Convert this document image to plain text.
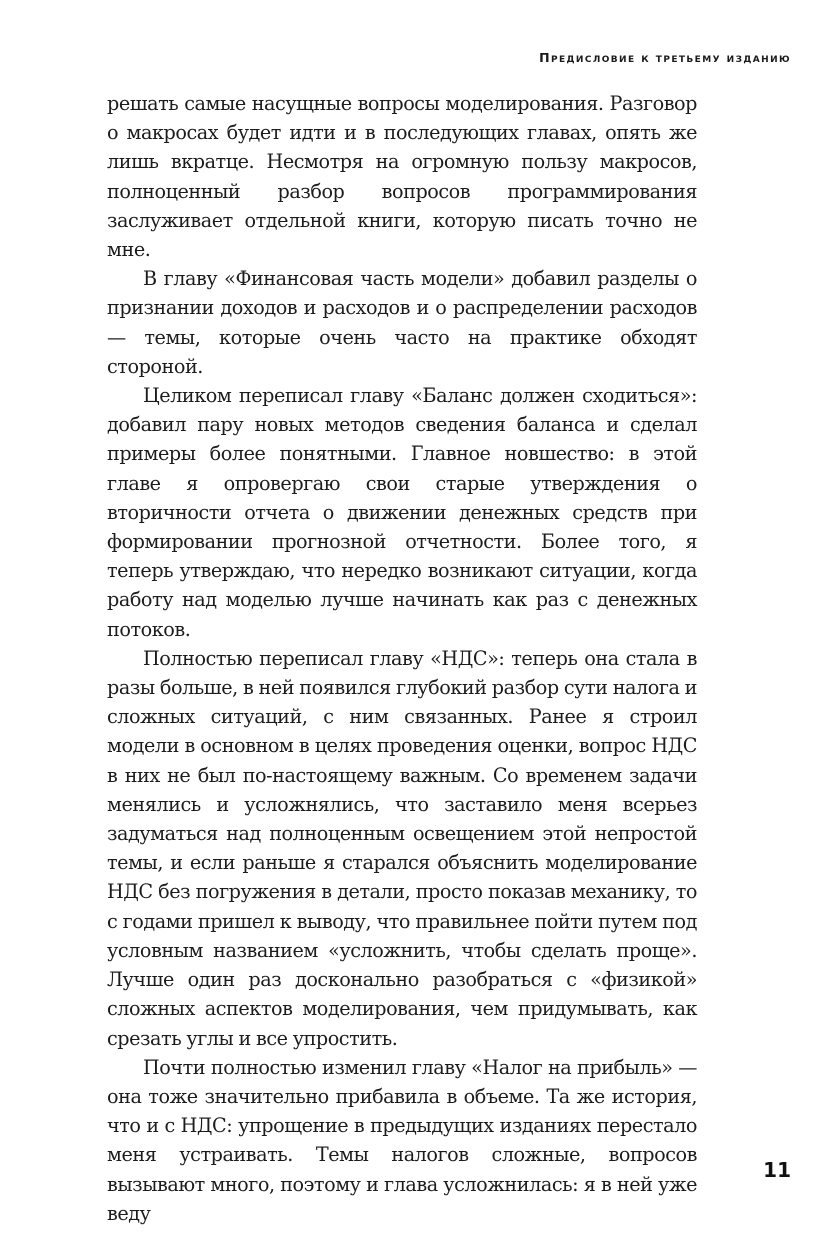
Предисловие к третьему изданию

решать самые насущные вопросы моделирования. Разговор о макросах будет идти и в последующих главах, опять же лишь вкратце. Несмотря на огромную пользу макросов, полноценный разбор вопросов программирования заслуживает отдельной книги, которую писать точно не мне.

В главу «Финансовая часть модели» добавил разделы о признании доходов и расходов и о распределении расходов — темы, которые очень часто на практике обходят стороной.

Целиком переписал главу «Баланс должен сходиться»: добавил пару новых методов сведения баланса и сделал примеры более понятными. Главное новшество: в этой главе я опровергаю свои старые утверждения о вторичности отчета о движении денежных средств при формировании прогнозной отчетности. Более того, я теперь утверждаю, что нередко возникают ситуации, когда работу над моделью лучше начинать как раз с денежных потоков.

Полностью переписал главу «НДС»: теперь она стала в разы больше, в ней появился глубокий разбор сути налога и сложных ситуаций, с ним связанных. Ранее я строил модели в основном в целях проведения оценки, вопрос НДС в них не был по-настоящему важным. Со временем задачи менялись и усложнялись, что заставило меня всерьез задуматься над полноценным освещением этой непростой темы, и если раньше я старался объяснить моделирование НДС без погружения в детали, просто показав механику, то с годами пришел к выводу, что правильнее пойти путем под условным названием «усложнить, чтобы сделать проще». Лучше один раз досконально разобраться с «физикой» сложных аспектов моделирования, чем придумывать, как срезать углы и все упростить.

Почти полностью изменил главу «Налог на прибыль» — она тоже значительно прибавила в объеме. Та же история, что и с НДС: упрощение в предыдущих изданиях перестало меня устраивать. Темы налогов сложные, вопросов вызывают много, поэтому и глава усложнилась: я в ней уже веду

11
